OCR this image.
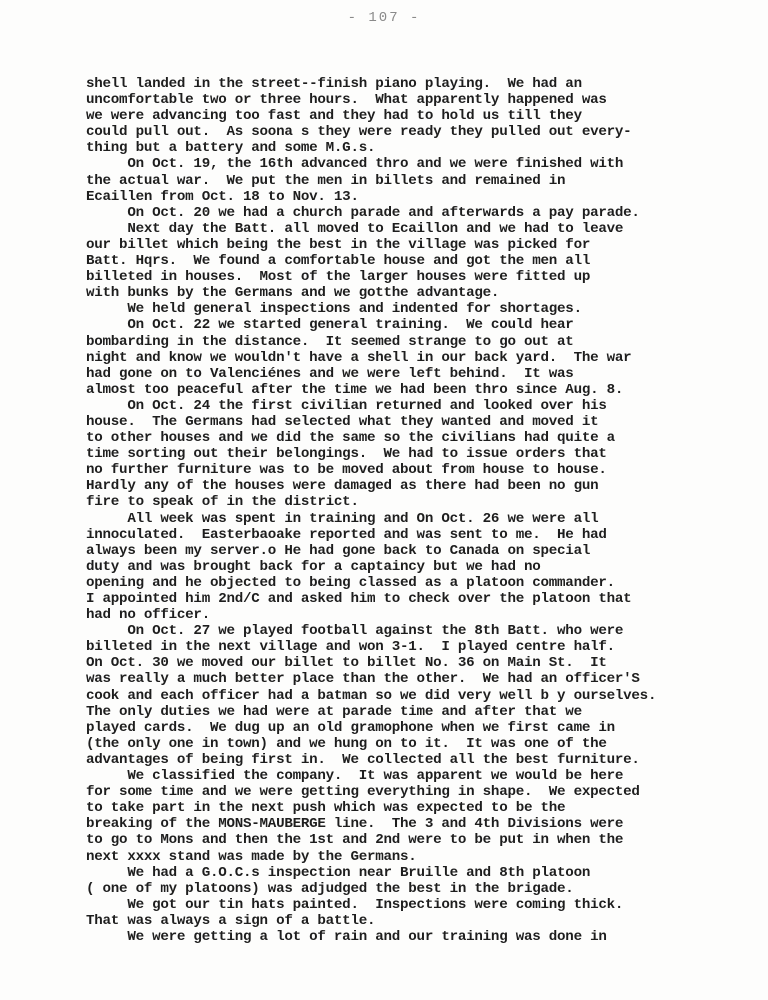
- 107 -
shell landed in the street--finish piano playing.  We had an
uncomfortable two or three hours.  What apparently happened was
we were advancing too fast and they had to hold us till they
could pull out.  As soona s they were ready they pulled out every-
thing but a battery and some M.G.s.
On Oct. 19, the 16th advanced thro and we were finished with
the actual war.  We put the men in billets and remained in
Ecaillen from Oct. 18 to Nov. 13.
On Oct. 20 we had a church parade and afterwards a pay parade.
Next day the Batt. all moved to Ecaillon and we had to leave
our billet which being the best in the village was picked for
Batt. Hqrs.  We found a comfortable house and got the men all
billeted in houses.  Most of the larger houses were fitted up
with bunks by the Germans and we gotthe advantage.
We held general inspections and indented for shortages.
On Oct. 22 we started general training.  We could hear
bombarding in the distance.  It seemed strange to go out at
night and know we wouldn't have a shell in our back yard.  The war
had gone on to Valenciénes and we were left behind.  It was
almost too peaceful after the time we had been thro since Aug. 8.
On Oct. 24 the first civilian returned and looked over his
house.  The Germans had selected what they wanted and moved it
to other houses and we did the same so the civilians had quite a
time sorting out their belongings.  We had to issue orders that
no further furniture was to be moved about from house to house.
Hardly any of the houses were damaged as there had been no gun
fire to speak of in the district.
All week was spent in training and On Oct. 26 we were all
innoculated.  Easterbaoake reported and was sent to me.  He had
always been my server.o He had gone back to Canada on special
duty and was brought back for a captaincy but we had no
opening and he objected to being classed as a platoon commander.
I appointed him 2nd/C and asked him to check over the platoon that
had no officer.
On Oct. 27 we played football against the 8th Batt. who were
billeted in the next village and won 3-1.  I played centre half.
On Oct. 30 we moved our billet to billet No. 36 on Main St.  It
was really a much better place than the other.  We had an officer'S
cook and each officer had a batman so we did very well b y ourselves.
The only duties we had were at parade time and after that we
played cards.  We dug up an old gramophone when we first came in
(the only one in town) and we hung on to it.  It was one of the
advantages of being first in.  We collected all the best furniture.
We classified the company.  It was apparent we would be here
for some time and we were getting everything in shape.  We expected
to take part in the next push which was expected to be the
breaking of the MONS-MAUBERGE line.  The 3 and 4th Divisions were
to go to Mons and then the 1st and 2nd were to be put in when the
next xxxx stand was made by the Germans.
We had a G.O.C.s inspection near Bruille and 8th platoon
( one of my platoons) was adjudged the best in the brigade.
We got our tin hats painted.  Inspections were coming thick.
That was always a sign of a battle.
We were getting a lot of rain and our training was done in
